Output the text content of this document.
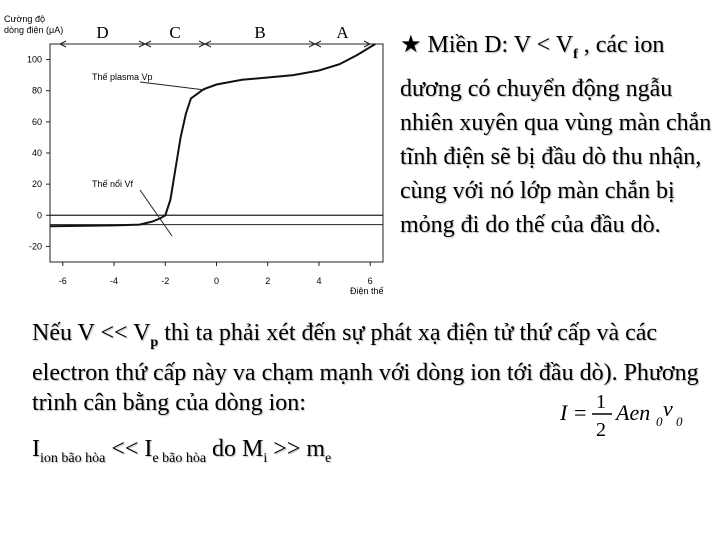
Cường độ
dòng điện (μA)
100
80
60
40
20
0
-20
-6	-4	-2	0	2	4	6
D	C	B	A
Thế plasma Vp
Thế nổi Vf
Điện thế
★ Miền D: $V < V_f$ , các ion dương có chuyển động ngẫu nhiên xuyên qua vùng màn chắn tĩnh điện sẽ bị đầu dò thu nhận, cùng với nó lớp màn chắn bị mỏng đi do thế của đầu dò.
Nếu $V << V_p$ thì ta phải xét đến sự phát xạ điện tử thứ cấp và các electron thứ cấp này va chạm mạnh với dòng ion tới đầu dò). Phương trình cân bằng của dòng ion:	I = 1
2
Aen 0
v
0
$I_{ion bão hòa} << I_{e bão hòa}$ do $M_i >> m_e$
